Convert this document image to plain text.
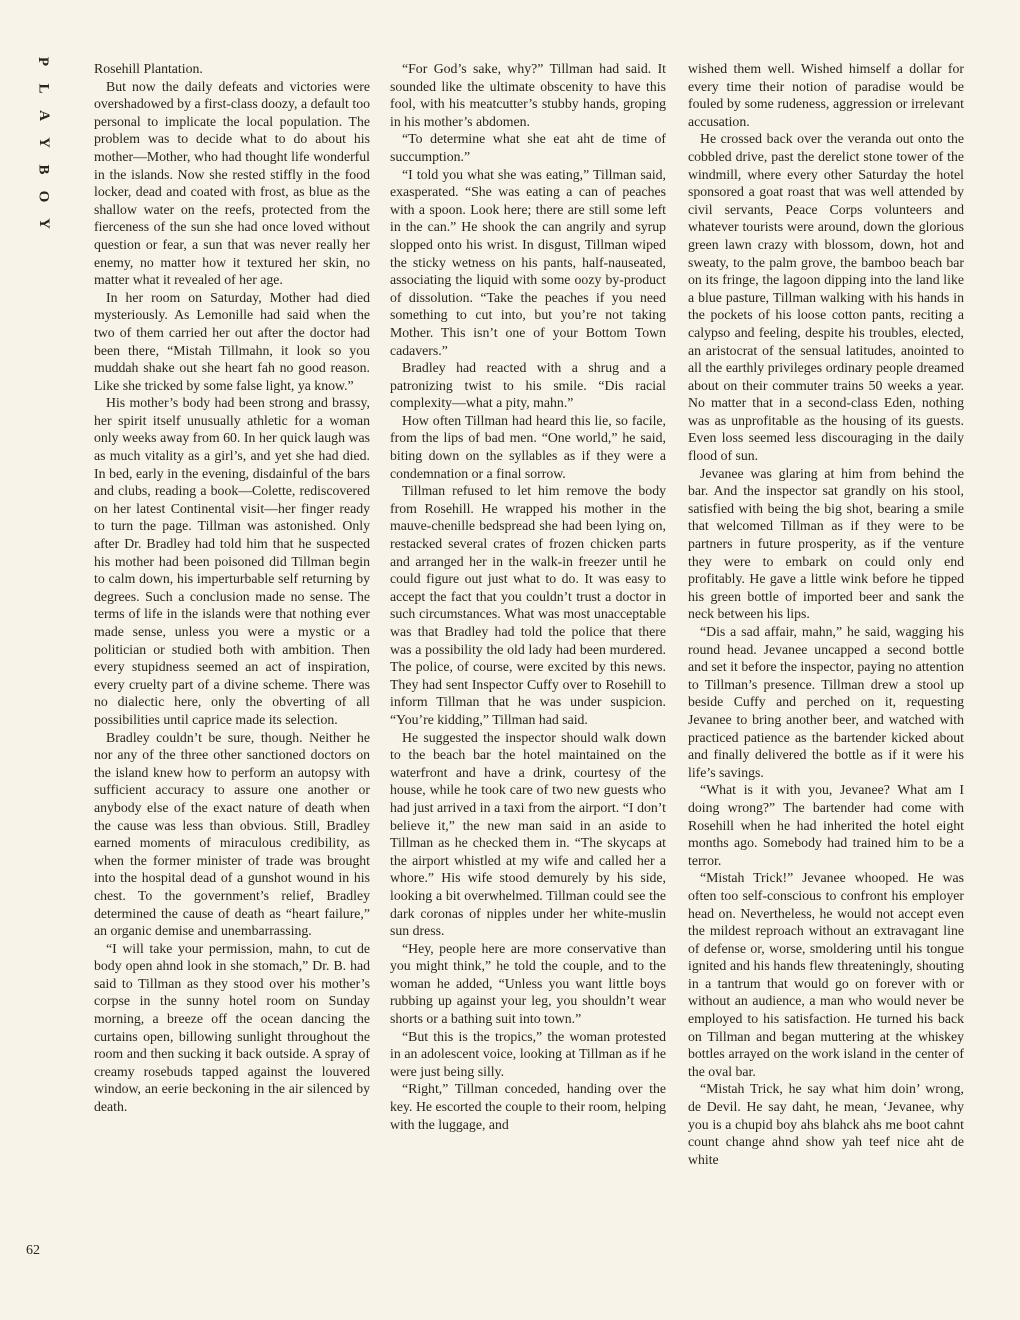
P
L
A
Y
B
O
Y
62

Rosehill Plantation.

But now the daily defeats and victories were overshadowed by a first-class doozy, a default too personal to implicate the local population. The problem was to decide what to do about his mother—Mother, who had thought life wonderful in the islands. Now she rested stiffly in the food locker, dead and coated with frost, as blue as the shallow water on the reefs, protected from the fierceness of the sun she had once loved without question or fear, a sun that was never really her enemy, no matter how it textured her skin, no matter what it revealed of her age.

In her room on Saturday, Mother had died mysteriously. As Lemonille had said when the two of them carried her out after the doctor had been there, “Mistah Tillmahn, it look so you muddah shake out she heart fah no good reason. Like she tricked by some false light, ya know.”

His mother’s body had been strong and brassy, her spirit itself unusually athletic for a woman only weeks away from 60. In her quick laugh was as much vitality as a girl’s, and yet she had died. In bed, early in the evening, disdainful of the bars and clubs, reading a book—Colette, rediscovered on her latest Continental visit—her finger ready to turn the page. Tillman was astonished. Only after Dr. Bradley had told him that he suspected his mother had been poisoned did Tillman begin to calm down, his imperturbable self returning by degrees. Such a conclusion made no sense. The terms of life in the islands were that nothing ever made sense, unless you were a mystic or a politician or studied both with ambition. Then every stupidness seemed an act of inspiration, every cruelty part of a divine scheme. There was no dialectic here, only the obverting of all possibilities until caprice made its selection.

Bradley couldn’t be sure, though. Neither he nor any of the three other sanctioned doctors on the island knew how to perform an autopsy with sufficient accuracy to assure one another or anybody else of the exact nature of death when the cause was less than obvious. Still, Bradley earned moments of miraculous credibility, as when the former minister of trade was brought into the hospital dead of a gunshot wound in his chest. To the government’s relief, Bradley determined the cause of death as “heart failure,” an organic demise and unembarrassing.

“I will take your permission, mahn, to cut de body open ahnd look in she stomach,” Dr. B. had said to Tillman as they stood over his mother’s corpse in the sunny hotel room on Sunday morning, a breeze off the ocean dancing the curtains open, billowing sunlight throughout the room and then sucking it back outside. A spray of creamy rosebuds tapped against the louvered window, an eerie beckoning in the air silenced by death.

“For God’s sake, why?” Tillman had said. It sounded like the ultimate obscenity to have this fool, with his meatcutter’s stubby hands, groping in his mother’s abdomen.

“To determine what she eat aht de time of succumption.”

“I told you what she was eating,” Tillman said, exasperated. “She was eating a can of peaches with a spoon. Look here; there are still some left in the can.” He shook the can angrily and syrup slopped onto his wrist. In disgust, Tillman wiped the sticky wetness on his pants, half-nauseated, associating the liquid with some oozy by-product of dissolution. “Take the peaches if you need something to cut into, but you’re not taking Mother. This isn’t one of your Bottom Town cadavers.”

Bradley had reacted with a shrug and a patronizing twist to his smile. “Dis racial complexity—what a pity, mahn.”

How often Tillman had heard this lie, so facile, from the lips of bad men. “One world,” he said, biting down on the syllables as if they were a condemnation or a final sorrow.

Tillman refused to let him remove the body from Rosehill. He wrapped his mother in the mauve-chenille bedspread she had been lying on, restacked several crates of frozen chicken parts and arranged her in the walk-in freezer until he could figure out just what to do. It was easy to accept the fact that you couldn’t trust a doctor in such circumstances. What was most unacceptable was that Bradley had told the police that there was a possibility the old lady had been murdered. The police, of course, were excited by this news. They had sent Inspector Cuffy over to Rosehill to inform Tillman that he was under suspicion. “You’re kidding,” Tillman had said.

He suggested the inspector should walk down to the beach bar the hotel maintained on the waterfront and have a drink, courtesy of the house, while he took care of two new guests who had just arrived in a taxi from the airport. “I don’t believe it,” the new man said in an aside to Tillman as he checked them in. “The skycaps at the airport whistled at my wife and called her a whore.” His wife stood demurely by his side, looking a bit overwhelmed. Tillman could see the dark coronas of nipples under her white-muslin sun dress.

“Hey, people here are more conservative than you might think,” he told the couple, and to the woman he added, “Unless you want little boys rubbing up against your leg, you shouldn’t wear shorts or a bathing suit into town.”

“But this is the tropics,” the woman protested in an adolescent voice, looking at Tillman as if he were just being silly.

“Right,” Tillman conceded, handing over the key. He escorted the couple to their room, helping with the luggage, and

wished them well. Wished himself a dollar for every time their notion of paradise would be fouled by some rudeness, aggression or irrelevant accusation.

He crossed back over the veranda out onto the cobbled drive, past the derelict stone tower of the windmill, where every other Saturday the hotel sponsored a goat roast that was well attended by civil servants, Peace Corps volunteers and whatever tourists were around, down the glorious green lawn crazy with blossom, down, hot and sweaty, to the palm grove, the bamboo beach bar on its fringe, the lagoon dipping into the land like a blue pasture, Tillman walking with his hands in the pockets of his loose cotton pants, reciting a calypso and feeling, despite his troubles, elected, an aristocrat of the sensual latitudes, anointed to all the earthly privileges ordinary people dreamed about on their commuter trains 50 weeks a year. No matter that in a second-class Eden, nothing was as unprofitable as the housing of its guests. Even loss seemed less discouraging in the daily flood of sun.

Jevanee was glaring at him from behind the bar. And the inspector sat grandly on his stool, satisfied with being the big shot, bearing a smile that welcomed Tillman as if they were to be partners in future prosperity, as if the venture they were to embark on could only end profitably. He gave a little wink before he tipped his green bottle of imported beer and sank the neck between his lips.

“Dis a sad affair, mahn,” he said, wagging his round head. Jevanee uncapped a second bottle and set it before the inspector, paying no attention to Tillman’s presence. Tillman drew a stool up beside Cuffy and perched on it, requesting Jevanee to bring another beer, and watched with practiced patience as the bartender kicked about and finally delivered the bottle as if it were his life’s savings.

“What is it with you, Jevanee? What am I doing wrong?” The bartender had come with Rosehill when he had inherited the hotel eight months ago. Somebody had trained him to be a terror.

“Mistah Trick!” Jevanee whooped. He was often too self-conscious to confront his employer head on. Nevertheless, he would not accept even the mildest reproach without an extravagant line of defense or, worse, smoldering until his tongue ignited and his hands flew threateningly, shouting in a tantrum that would go on forever with or without an audience, a man who would never be employed to his satisfaction. He turned his back on Tillman and began muttering at the whiskey bottles arrayed on the work island in the center of the oval bar.

“Mistah Trick, he say what him doin’ wrong, de Devil. He say daht, he mean, ‘Jevanee, why you is a chupid boy ahs blahck ahs me boot cahnt count change ahnd show yah teef nice aht de white
